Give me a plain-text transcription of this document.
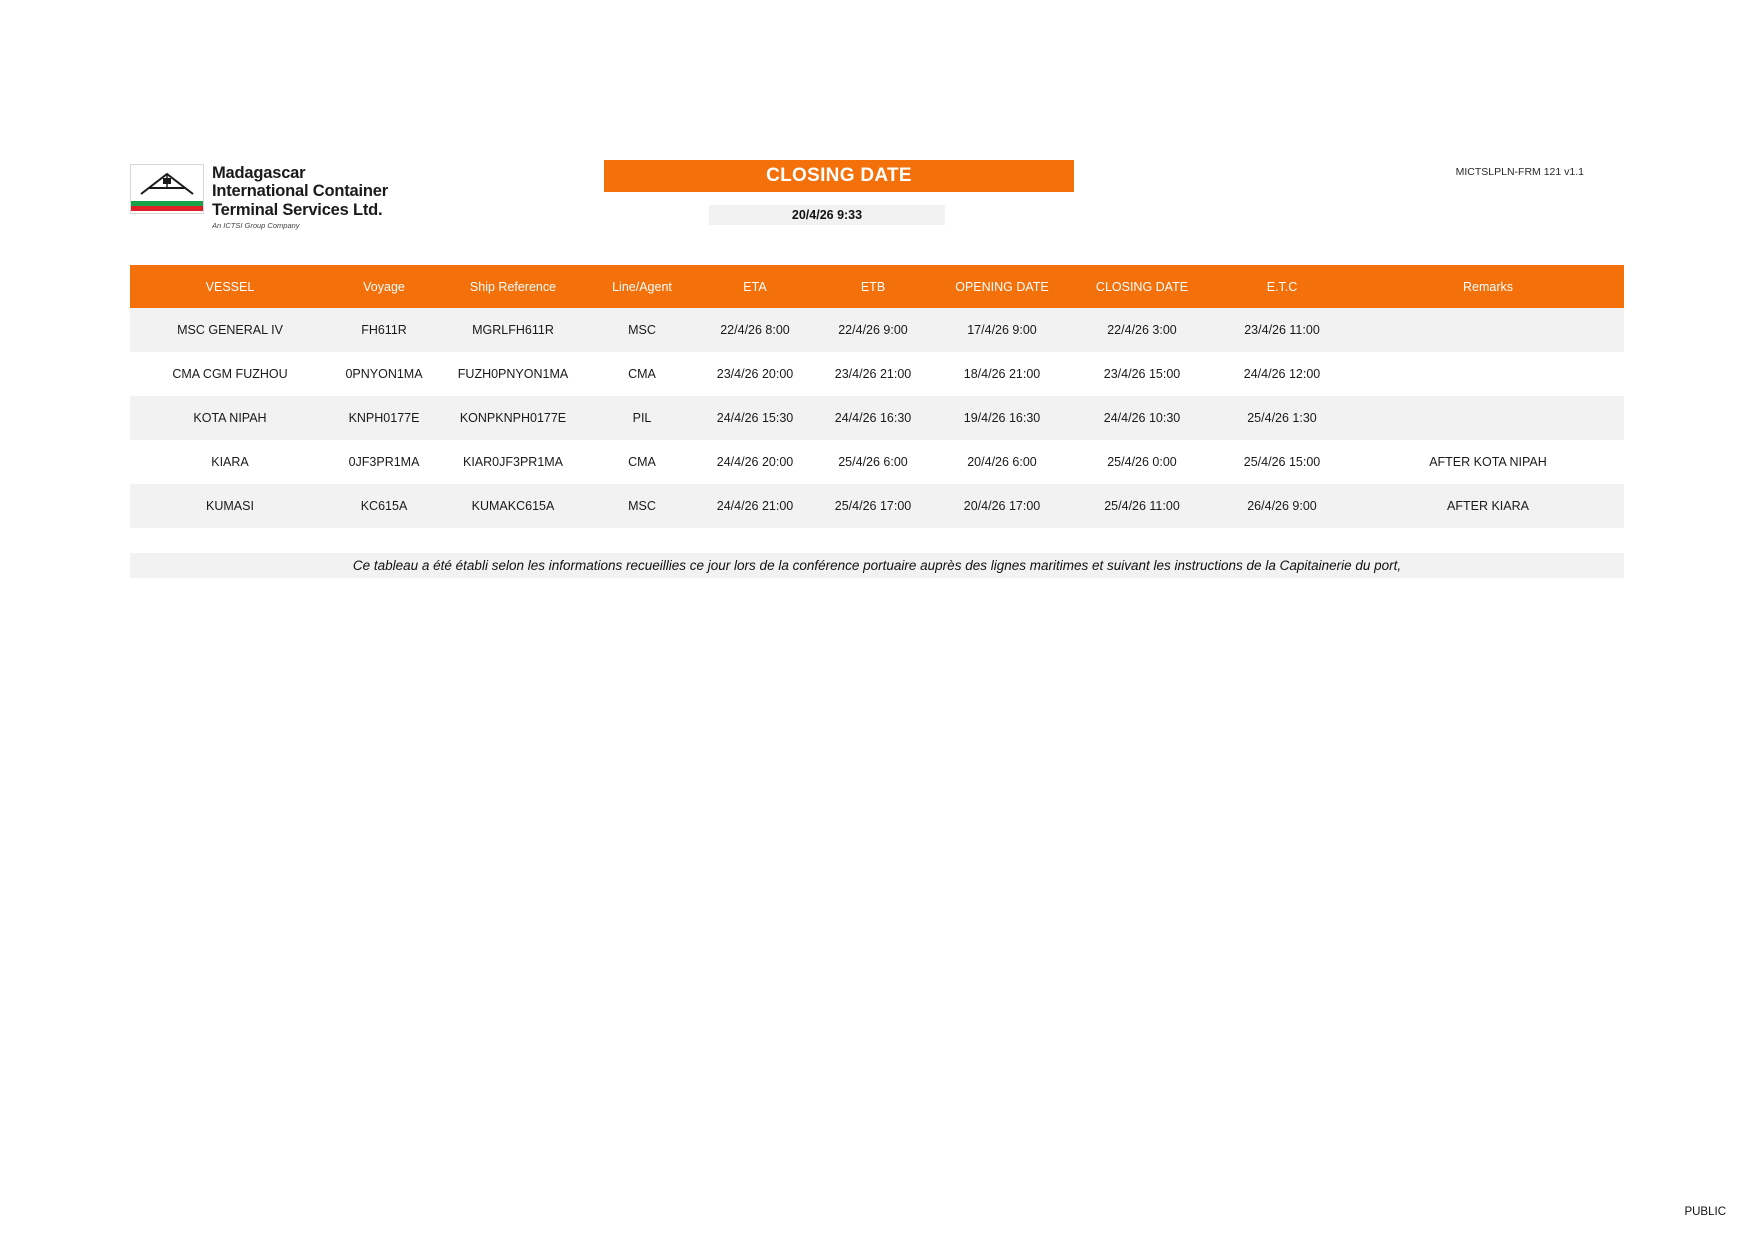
Madagascar
International Container
Terminal Services Ltd.
An ICTSI Group Company
CLOSING DATE	MICTSLPLN-FRM 121 v1.1
20/4/26 9:33
VESSEL	Voyage	Ship Reference	Line/Agent	ETA	ETB	OPENING DATE	CLOSING DATE	E.T.C	Remarks
MSC GENERAL IV	FH611R	MGRLFH611R	MSC	22/4/26 8:00	22/4/26 9:00	17/4/26 9:00	22/4/26 3:00	23/4/26 11:00	
CMA CGM FUZHOU	0PNYON1MA	FUZH0PNYON1MA	CMA	23/4/26 20:00	23/4/26 21:00	18/4/26 21:00	23/4/26 15:00	24/4/26 12:00	
KOTA NIPAH	KNPH0177E	KONPKNPH0177E	PIL	24/4/26 15:30	24/4/26 16:30	19/4/26 16:30	24/4/26 10:30	25/4/26 1:30	
KIARA	0JF3PR1MA	KIAR0JF3PR1MA	CMA	24/4/26 20:00	25/4/26 6:00	20/4/26 6:00	25/4/26 0:00	25/4/26 15:00	AFTER KOTA NIPAH
KUMASI	KC615A	KUMAKC615A	MSC	24/4/26 21:00	25/4/26 17:00	20/4/26 17:00	25/4/26 11:00	26/4/26 9:00	AFTER KIARA
Ce tableau a été établi selon les informations recueillies ce jour lors de la conférence portuaire auprès des lignes maritimes et suivant les instructions de la Capitainerie du port,
PUBLIC
